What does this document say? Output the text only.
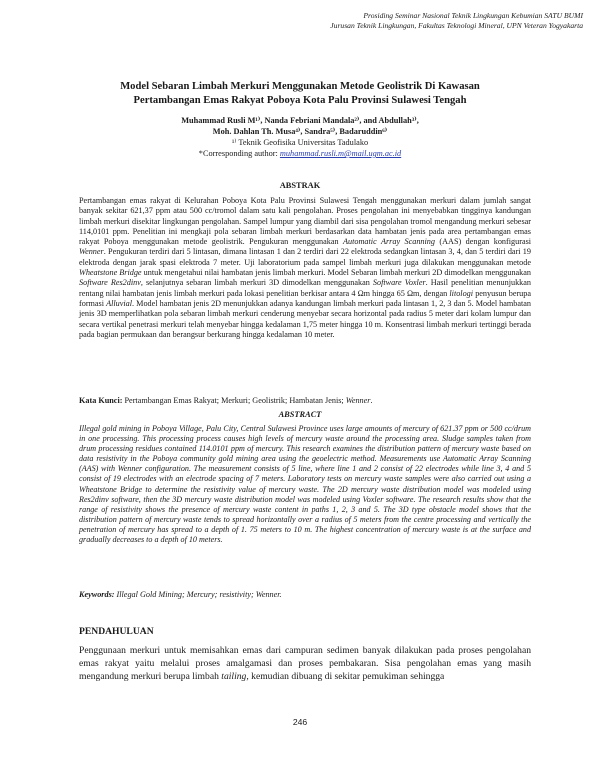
Prosiding Seminar Nasional Teknik Lingkungan Kebumian SATU BUMI
Jurusan Teknik Lingkungan, Fakultas Teknologi Mineral, UPN Veteran Yogyakarta
Model Sebaran Limbah Merkuri Menggunakan Metode Geolistrik Di Kawasan
Pertambangan Emas Rakyat Poboya Kota Palu Provinsi Sulawesi Tengah
Muhammad Rusli M¹⁾, Nanda Febriani Mandala²⁾, and Abdullah³⁾,
Moh. Dahlan Th. Musa⁴⁾, Sandra⁵⁾, Badaruddin⁶⁾
¹⁾ Teknik Geofisika Universitas Tadulako
*Corresponding author: muhammad.rusli.m@mail.ugm.ac.id
ABSTRAK
Pertambangan emas rakyat di Kelurahan Poboya Kota Palu Provinsi Sulawesi Tengah menggunakan merkuri dalam jumlah sangat banyak sekitar 621,37 ppm atau 500 cc/tromol dalam satu kali pengolahan. Proses pengolahan ini menyebabkan tingginya kandungan limbah merkuri disekitar lingkungan pengolahan. Sampel lumpur yang diambil dari sisa pengolahan tromol mengandung merkuri sebesar 114,0101 ppm. Penelitian ini mengkaji pola sebaran limbah merkuri berdasarkan data hambatan jenis pada area pertambangan emas rakyat Poboya menggunakan metode geolistrik. Pengukuran menggunakan Automatic Array Scanning (AAS) dengan konfigurasi Wenner. Pengukuran terdiri dari 5 lintasan, dimana lintasan 1 dan 2 terdiri dari 22 elektroda sedangkan lintasan 3, 4, dan 5 terdiri dari 19 elektroda dengan jarak spasi elektroda 7 meter. Uji laboratorium pada sampel limbah merkuri juga dilakukan menggunakan metode Wheatstone Bridge untuk mengetahui nilai hambatan jenis limbah merkuri. Model Sebaran limbah merkuri 2D dimodelkan menggunakan Software Res2dinv, selanjutnya sebaran limbah merkuri 3D dimodelkan menggunakan Software Voxler. Hasil penelitian menunjukkan rentang nilai hambatan jenis limbah merkuri pada lokasi penelitian berkisar antara 4 Ωm hingga 65 Ωm, dengan litologi penyusun berupa formasi Alluvial. Model hambatan jenis 2D menunjukkan adanya kandungan limbah merkuri pada lintasan 1, 2, 3 dan 5. Model hambatan jenis 3D memperlihatkan pola sebaran limbah merkuri cenderung menyebar secara horizontal pada radius 5 meter dari kolam lumpur dan secara vertikal penetrasi merkuri telah menyebar hingga kedalaman 1,75 meter hingga 10 m. Konsentrasi limbah merkuri tertinggi berada pada bagian permukaan dan berangsur berkurang hingga kedalaman 10 meter.
Kata Kunci: Pertambangan Emas Rakyat; Merkuri; Geolistrik; Hambatan Jenis; Wenner.
ABSTRACT
Illegal gold mining in Poboya Village, Palu City, Central Sulawesi Province uses large amounts of mercury of 621.37 ppm or 500 cc/drum in one processing. This processing process causes high levels of mercury waste around the processing area. Sludge samples taken from drum processing residues contained 114.0101 ppm of mercury. This research examines the distribution pattern of mercury waste based on data resistivity in the Poboya community gold mining area using the geoelectric method. Measurements use Automatic Array Scanning (AAS) with Wenner configuration. The measurement consists of 5 line, where line 1 and 2 consist of 22 electrodes while line 3, 4 and 5 consist of 19 electrodes with an electrode spacing of 7 meters. Laboratory tests on mercury waste samples were also carried out using a Wheatstone Bridge to determine the resistivity value of mercury waste. The 2D mercury waste distribution model was modeled using Res2dinv software, then the 3D mercury waste distribution model was modeled using Voxler software. The research results show that the range of resistivity shows the presence of mercury waste content in paths 1, 2, 3 and 5. The 3D type obstacle model shows that the distribution pattern of mercury waste tends to spread horizontally over a radius of 5 meters from the centre processing and vertically the penetration of mercury has spread to a depth of 1. 75 meters to 10 m. The highest concentration of mercury waste is at the surface and gradually decreases to a depth of 10 meters.
Keywords: Illegal Gold Mining; Mercury; resistivity; Wenner.
PENDAHULUAN
Penggunaan merkuri untuk memisahkan emas dari campuran sedimen banyak dilakukan pada proses pengolahan emas rakyat yaitu melalui proses amalgamasi dan proses pembakaran. Sisa pengolahan emas yang masih mengandung merkuri berupa limbah tailing, kemudian dibuang di sekitar pemukiman sehingga
246
